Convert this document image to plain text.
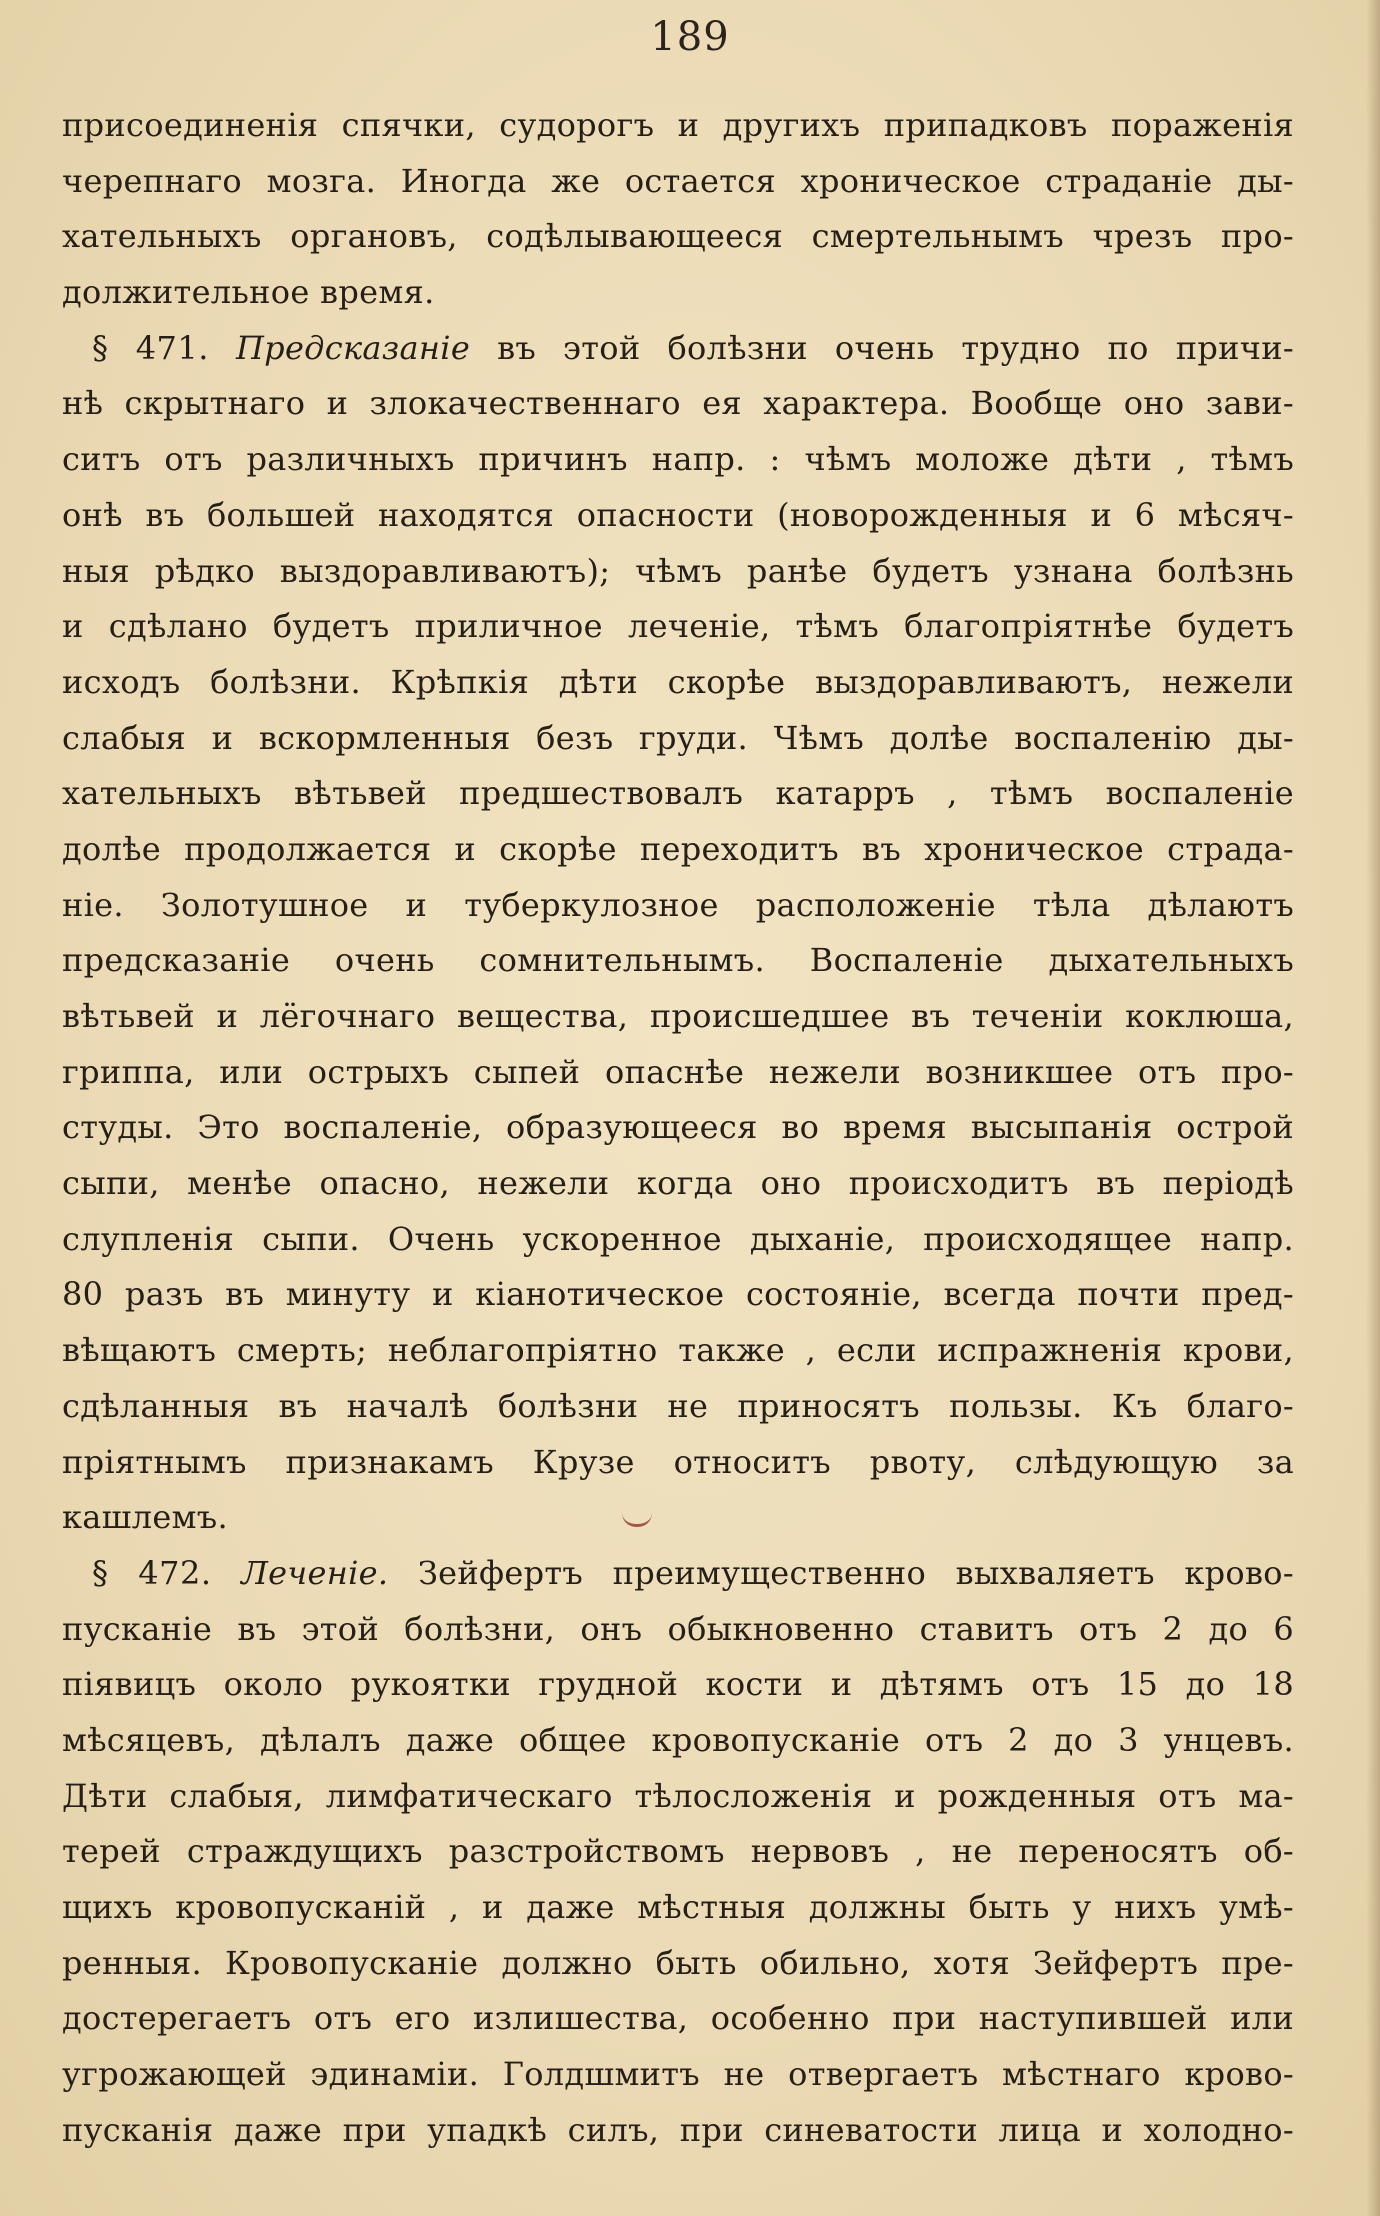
189
присоединенія спячки, судорогъ и другихъ припадковъ пораженія
черепнаго мозга. Иногда же остается хроническое страданіе ды-
хательныхъ органовъ, содѣлывающееся смертельнымъ чрезъ про-
должительное время.
§ 471. Предсказаніе въ этой болѣзни очень трудно по причи-
нѣ скрытнаго и злокачественнаго ея характера. Вообще оно зави-
ситъ отъ различныхъ причинъ напр. : чѣмъ моложе дѣти , тѣмъ
онѣ въ большей находятся опасности (новорожденныя и 6 мѣсяч-
ныя рѣдко выздоравливаютъ); чѣмъ ранѣе будетъ узнана болѣзнь
и сдѣлано будетъ приличное леченіе, тѣмъ благопріятнѣе будетъ
исходъ болѣзни. Крѣпкія дѣти скорѣе выздоравливаютъ, нежели
слабыя и вскормленныя безъ груди. Чѣмъ долѣе воспаленію ды-
хательныхъ вѣтьвей предшествовалъ катарръ , тѣмъ воспаленіе
долѣе продолжается и скорѣе переходитъ въ хроническое страда-
ніе. Золотушное и туберкулозное расположеніе тѣла дѣлаютъ
предсказаніе очень сомнительнымъ. Воспаленіе дыхательныхъ
вѣтьвей и лёгочнаго вещества, происшедшее въ теченіи коклюша,
гриппа, или острыхъ сыпей опаснѣе нежели возникшее отъ про-
студы. Это воспаленіе, образующееся во время высыпанія острой
сыпи, менѣе опасно, нежели когда оно происходитъ въ періодѣ
слупленія сыпи. Очень ускоренное дыханіе, происходящее напр.
80 разъ въ минуту и кіанотическое состояніе, всегда почти пред-
вѣщаютъ смерть; неблагопріятно также , если испражненія крови,
сдѣланныя въ началѣ болѣзни не приносятъ пользы. Къ благо-
пріятнымъ признакамъ Крузе относитъ рвоту, слѣдующую за
кашлемъ.
§ 472. Леченіе. Зейфертъ преимущественно выхваляетъ крово-
пусканіе въ этой болѣзни, онъ обыкновенно ставитъ отъ 2 до 6
піявицъ около рукоятки грудной кости и дѣтямъ отъ 15 до 18
мѣсяцевъ, дѣлалъ даже общее кровопусканіе отъ 2 до 3 унцевъ.
Дѣти слабыя, лимфатическаго тѣлосложенія и рожденныя отъ ма-
терей страждущихъ разстройствомъ нервовъ , не переносятъ об-
щихъ кровопусканій , и даже мѣстныя должны быть у нихъ умѣ-
ренныя. Кровопусканіе должно быть обильно, хотя Зейфертъ пре-
достерегаетъ отъ его излишества, особенно при наступившей или
угрожающей эдинаміи. Голдшмитъ не отвергаетъ мѣстнаго крово-
пусканія даже при упадкѣ силъ, при синеватости лица и холодно-
